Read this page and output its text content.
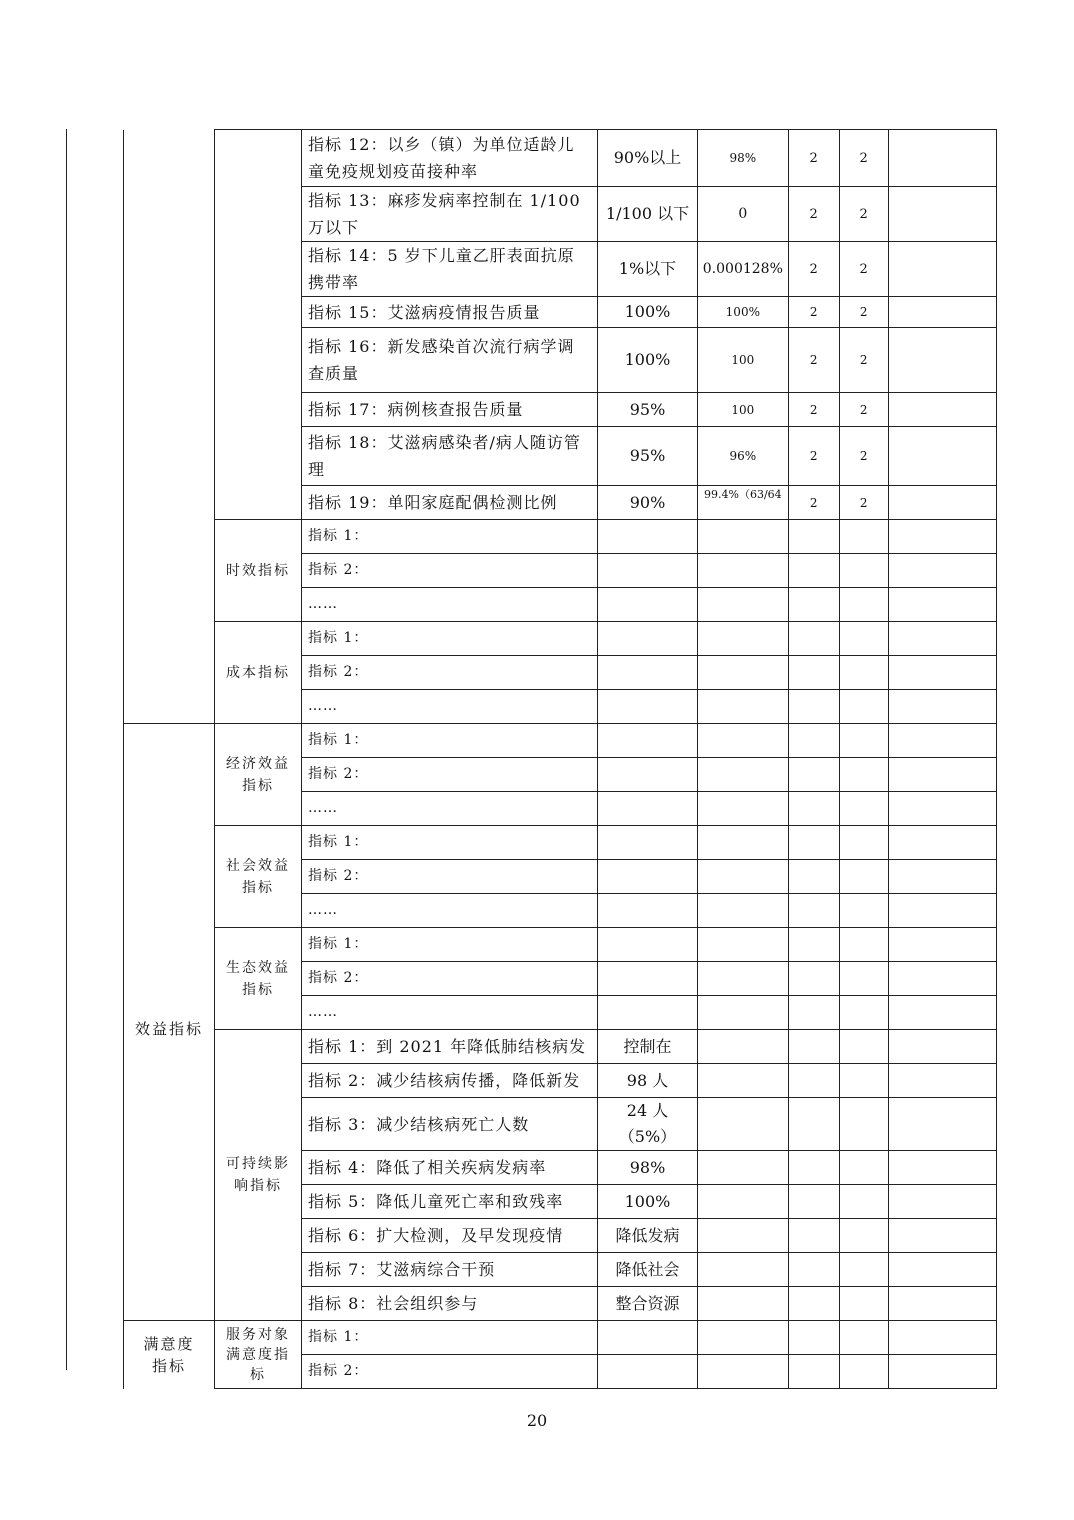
		指标 12：以乡（镇）为单位适龄儿童免疫规划疫苗接种率	90%以上	98%	2	2	
		指标 13：麻疹发病率控制在 1/100 万以下	1/100 以下	0	2	2	
		指标 14：5 岁下儿童乙肝表面抗原携带率	1%以下	0.000128%	2	2	
		指标 15：艾滋病疫情报告质量	100%	100%	2	2	
		指标 16：新发感染首次流行病学调查质量	100%	100	2	2	
		指标 17：病例核查报告质量	95%	100	2	2	
		指标 18：艾滋病感染者/病人随访管理	95%	96%	2	2	
		指标 19：单阳家庭配偶检测比例	90%	99.4%（63/64	2	2	
	时效指标	指标 1：					
		指标 2：					
		……					
	成本指标	指标 1：					
		指标 2：					
		……					
效益指标	经济效益指标	指标 1：					
		指标 2：					
		……					
	社会效益指标	指标 1：					
		指标 2：					
		……					
	生态效益指标	指标 1：					
		指标 2：					
		……					
	可持续影响指标	指标 1：到 2021 年降低肺结核病发	控制在				
		指标 2：减少结核病传播，降低新发	98 人				
		指标 3：减少结核病死亡人数	24 人（5%）				
		指标 4：降低了相关疾病发病率	98%				
		指标 5：降低儿童死亡率和致残率	100%				
		指标 6：扩大检测，及早发现疫情	降低发病				
		指标 7：艾滋病综合干预	降低社会				
		指标 8：社会组织参与	整合资源				
满意度指标	服务对象满意度指标	指标 1：					
		指标 2：					
20
